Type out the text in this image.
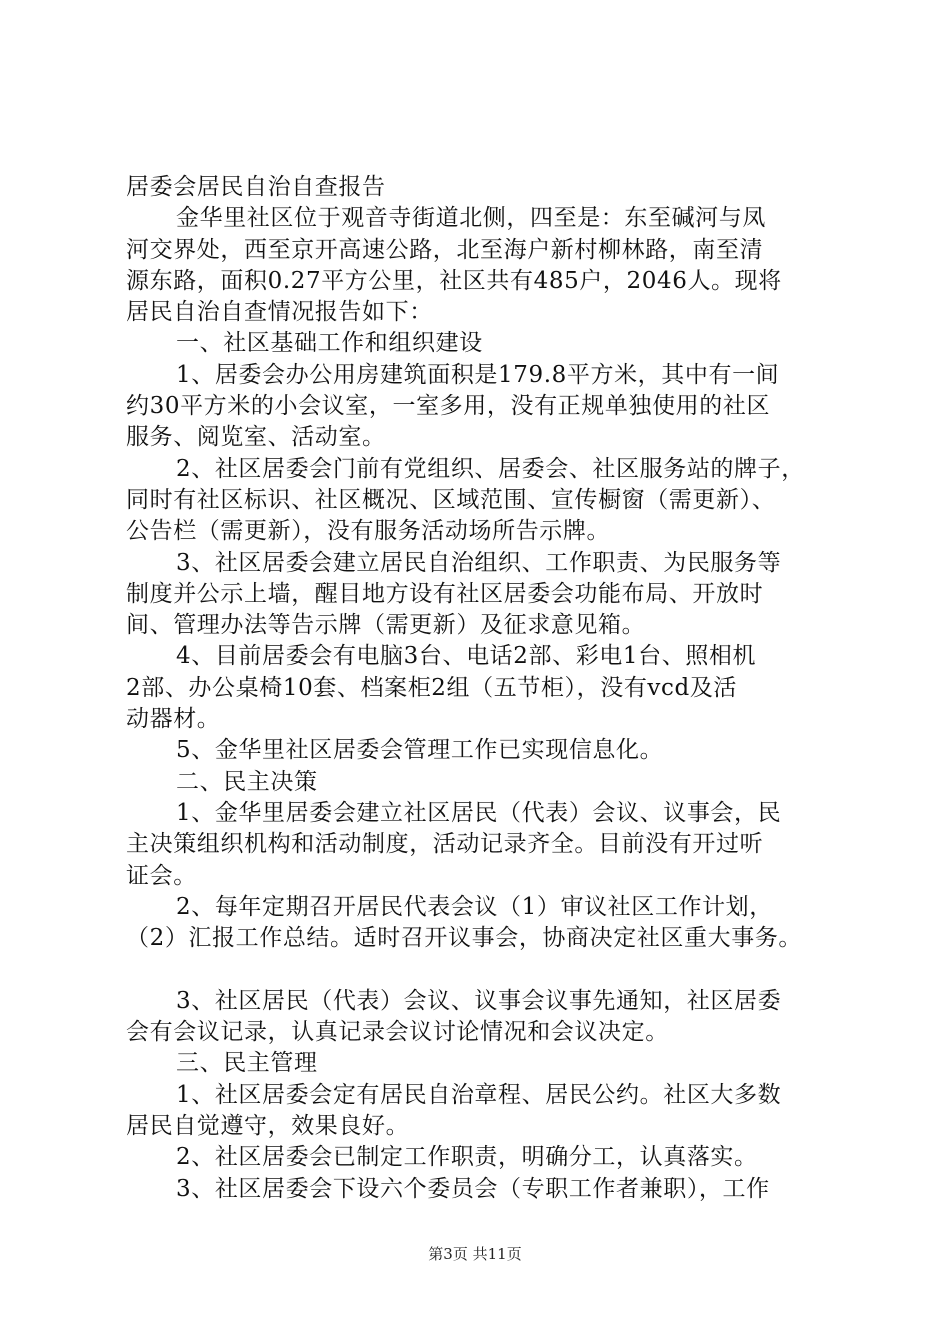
居委会居民自治自查报告
金华里社区位于观音寺街道北侧，四至是：东至碱河与凤
河交界处，西至京开高速公路，北至海户新村柳林路，南至清
源东路，面积0.27平方公里，社区共有485户，2046人。现将
居民自治自查情况报告如下：
一、社区基础工作和组织建设
1、居委会办公用房建筑面积是179.8平方米，其中有一间
约30平方米的小会议室，一室多用，没有正规单独使用的社区
服务、阅览室、活动室。
2、社区居委会门前有党组织、居委会、社区服务站的牌子，
同时有社区标识、社区概况、区域范围、宣传橱窗（需更新）、
公告栏（需更新），没有服务活动场所告示牌。
3、社区居委会建立居民自治组织、工作职责、为民服务等
制度并公示上墙，醒目地方设有社区居委会功能布局、开放时
间、管理办法等告示牌（需更新）及征求意见箱。
4、目前居委会有电脑3台、电话2部、彩电1台、照相机
2部、办公桌椅10套、档案柜2组（五节柜），没有vcd及活
动器材。
5、金华里社区居委会管理工作已实现信息化。
二、民主决策
1、金华里居委会建立社区居民（代表）会议、议事会，民
主决策组织机构和活动制度，活动记录齐全。目前没有开过听
证会。
2、每年定期召开居民代表会议（1）审议社区工作计划，
（2）汇报工作总结。适时召开议事会，协商决定社区重大事务。
3、社区居民（代表）会议、议事会议事先通知，社区居委
会有会议记录，认真记录会议讨论情况和会议决定。
三、民主管理
1、社区居委会定有居民自治章程、居民公约。社区大多数
居民自觉遵守，效果良好。
2、社区居委会已制定工作职责，明确分工，认真落实。
3、社区居委会下设六个委员会（专职工作者兼职），工作
第3页 共11页
